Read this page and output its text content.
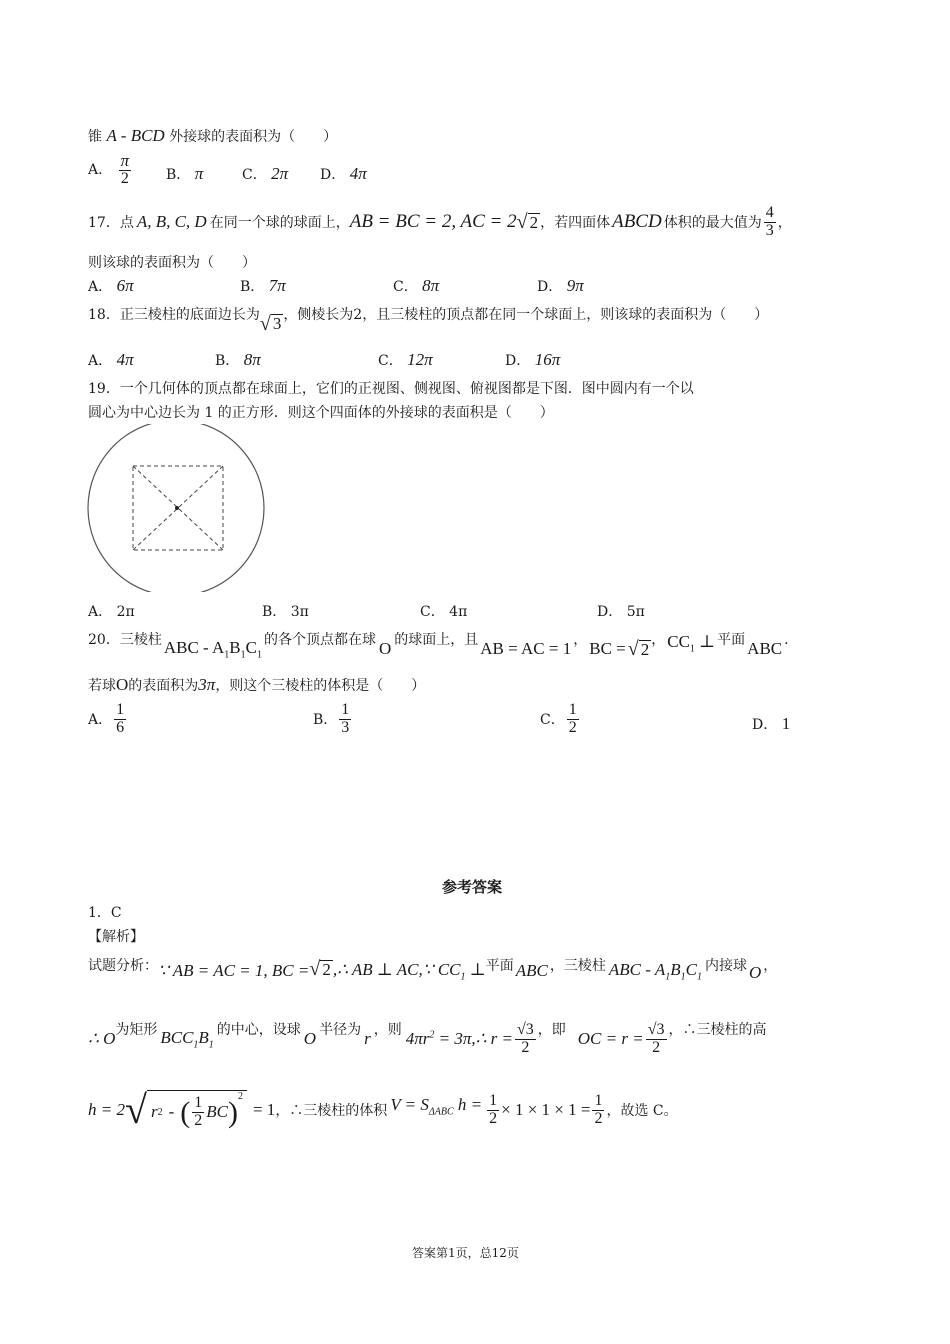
锥 A - BCD 外接球的表面积为（　　）
A． $\frac{\pi}{2}$ B． π	C． 2π D． 4π
17． 点 A, B, C, D 在同一个球的球面上， AB = BC = 2, AC = 2 √ 2 ，若四面体 ABCD 体积的最大值为 $\frac{4}{3}$ ，
则该球的表面积为（　　）
A． 6π	B． 7π	C． 8π	D． 9π
18． 正三棱柱的底面边长为 √ 3 ，侧棱长为2，且三棱柱的顶点都在同一个球面上，则该球的表面积为（　　）
A． 4π	B． 8π	C． 12π	D． 16π
19．一个几何体的顶点都在球面上，它们的正视图、侧视图、俯视图都是下图．图中圆内有一个以
圆心为中心边长为 1 的正方形．则这个四面体的外接球的表面积是（　　）
A． 2π	B． 3π	C． 4π	D． 5π
20． 三棱柱 ABC - $A_1B_1C_1$
的各个顶点都在球 O 的球面上，且 AB = AC = 1 ， BC = √ 2 ， $CC_1$ ⊥ 平面 ABC ．
若球O的表面积为3π，则这个三棱柱的体积是（　　）
A． $\frac{1}{6}$	B． $\frac{1}{3}$	C． $\frac{1}{2}$	D． 1
参考答案
1．C
【解析】
试题分析： ∵ AB = AC = 1, BC = √ 2 ,∴ AB ⊥ AC,∵ $CC_1$ ⊥ 平面 ABC ，三棱柱 ABC - $A_1B_1C_1$
内接球 O ，
∴ O 为矩形 $BCC_1B_1$
的中心，设球 O 半径为 r ，则 $4\pi r^2$ = 3π,∴ $r = \frac{√3}{2}$ ，即 OC = $r = \frac{√3}{2}$ ，∴三棱柱的高
h = 2 √ r 2 - ( $\frac{1}{2}$ BC )$^2$
= 1 ，∴三棱柱的体积 $V = S_{\Delta ABC}$ $h = \frac{1}{2} \times 1 \times 1 \times 1 = \frac{1}{2}$ ，故选 C。
答案第1页，总12页
